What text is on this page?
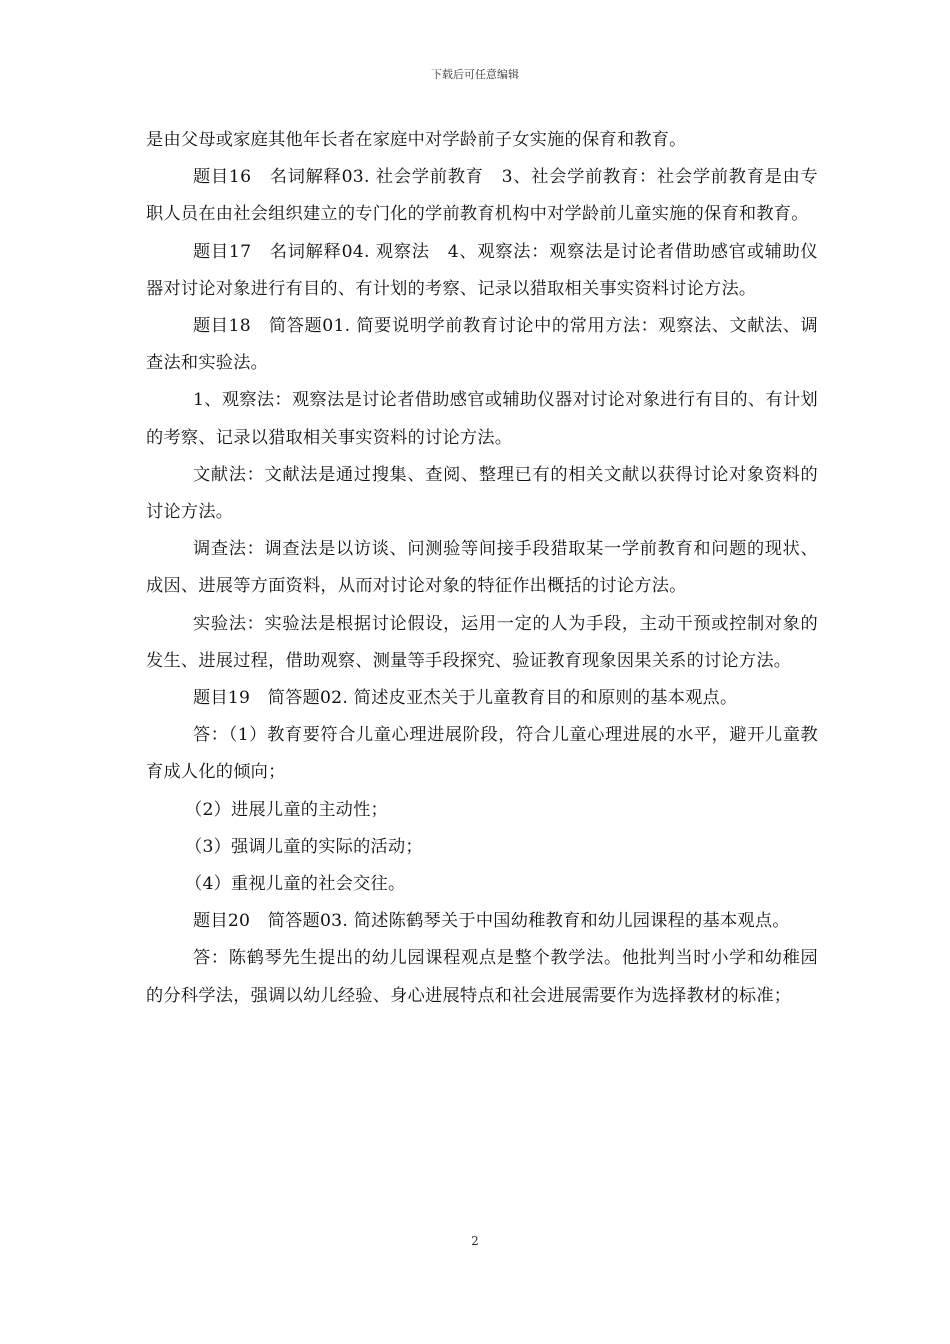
下载后可任意编辑

是由父母或家庭其他年长者在家庭中对学龄前子女实施的保育和教育。

题目16　名词解释03. 社会学前教育　3、社会学前教育：社会学前教育是由专职人员在由社会组织建立的专门化的学前教育机构中对学龄前儿童实施的保育和教育。

题目17　名词解释04. 观察法　4、观察法：观察法是讨论者借助感官或辅助仪器对讨论对象进行有目的、有计划的考察、记录以猎取相关事实资料讨论方法。

题目18　简答题01. 简要说明学前教育讨论中的常用方法：观察法、文献法、调查法和实验法。

1、观察法：观察法是讨论者借助感官或辅助仪器对讨论对象进行有目的、有计划的考察、记录以猎取相关事实资料的讨论方法。

文献法：文献法是通过搜集、查阅、整理已有的相关文献以获得讨论对象资料的讨论方法。

调查法：调查法是以访谈、问测验等间接手段猎取某一学前教育和问题的现状、成因、进展等方面资料，从而对讨论对象的特征作出概括的讨论方法。

实验法：实验法是根据讨论假设，运用一定的人为手段，主动干预或控制对象的发生、进展过程，借助观察、测量等手段探究、验证教育现象因果关系的讨论方法。

题目19　简答题02. 简述皮亚杰关于儿童教育目的和原则的基本观点。

答：（1）教育要符合儿童心理进展阶段，符合儿童心理进展的水平，避开儿童教育成人化的倾向；

（2）进展儿童的主动性；

（3）强调儿童的实际的活动；

（4）重视儿童的社会交往。

题目20　简答题03. 简述陈鹤琴关于中国幼稚教育和幼儿园课程的基本观点。

答：陈鹤琴先生提出的幼儿园课程观点是整个教学法。他批判当时小学和幼稚园的分科学法，强调以幼儿经验、身心进展特点和社会进展需要作为选择教材的标准；

2
